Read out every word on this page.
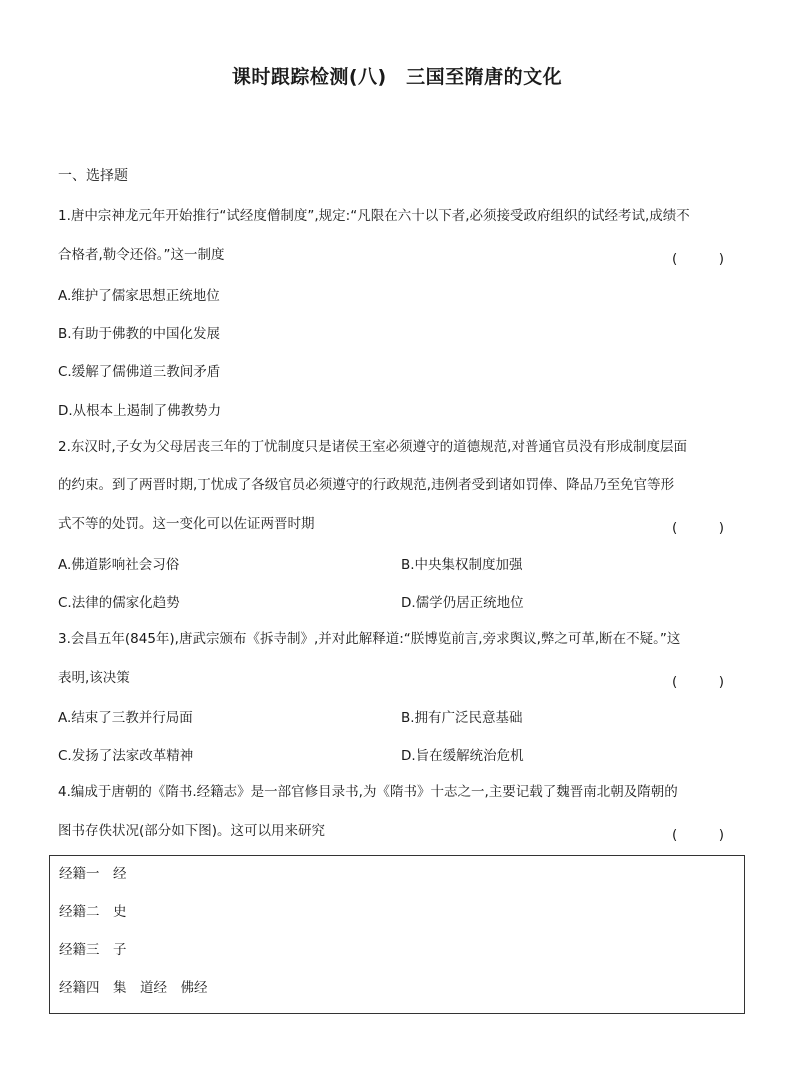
课时跟踪检测(八)　三国至隋唐的文化
一、选择题
1.唐中宗神龙元年开始推行“试经度僧制度”,规定:“凡限在六十以下者,必须接受政府组织的试经考试,成绩不
合格者,勒令还俗。”这一制度	(　)
A.维护了儒家思想正统地位
B.有助于佛教的中国化发展
C.缓解了儒佛道三教间矛盾
D.从根本上遏制了佛教势力
2.东汉时,子女为父母居丧三年的丁忧制度只是诸侯王室必须遵守的道德规范,对普通官员没有形成制度层面
的约束。到了两晋时期,丁忧成了各级官员必须遵守的行政规范,违例者受到诸如罚俸、降品乃至免官等形
式不等的处罚。这一变化可以佐证两晋时期	(　)
A.佛道影响社会习俗	B.中央集权制度加强
C.法律的儒家化趋势	D.儒学仍居正统地位
3.会昌五年(845年),唐武宗颁布《拆寺制》,并对此解释道:“朕博览前言,旁求舆议,弊之可革,断在不疑。”这
表明,该决策	(　)
A.结束了三教并行局面	B.拥有广泛民意基础
C.发扬了法家改革精神	D.旨在缓解统治危机
4.编成于唐朝的《隋书.经籍志》是一部官修目录书,为《隋书》十志之一,主要记载了魏晋南北朝及隋朝的
图书存佚状况(部分如下图)。这可以用来研究	(　)
经籍一　经
经籍二　史
经籍三　子
经籍四　集　道经　佛经
